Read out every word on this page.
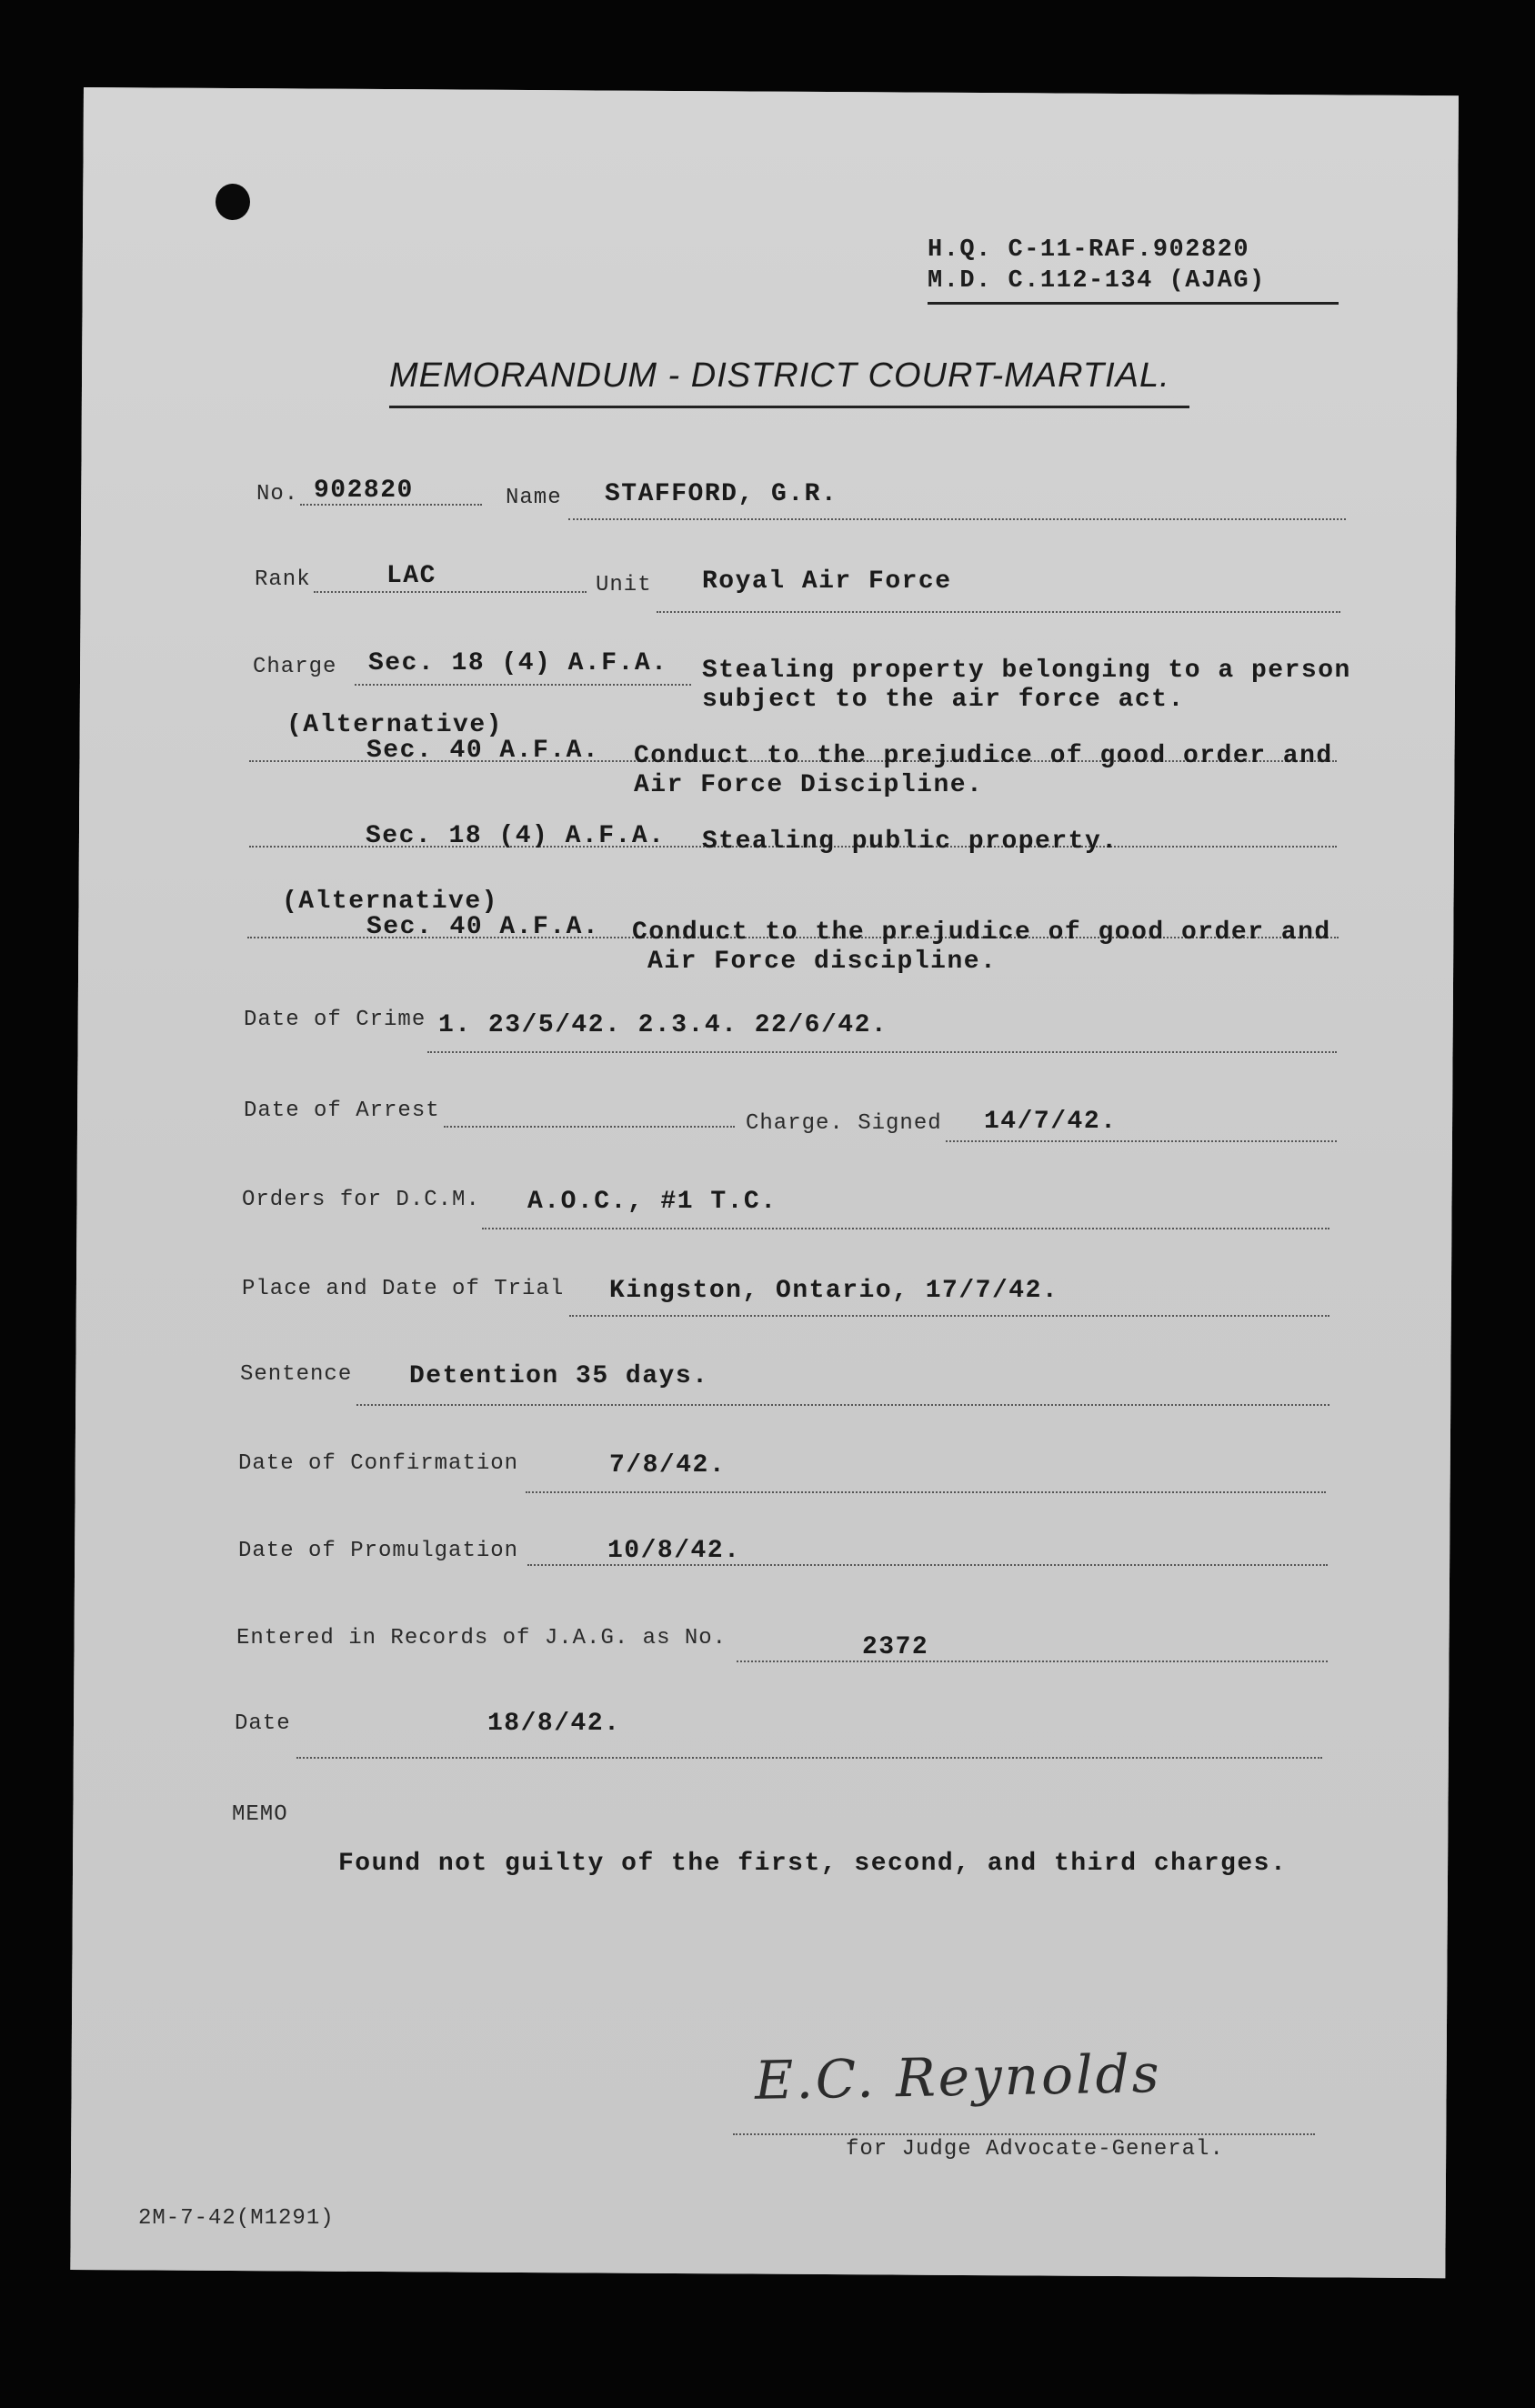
H.Q. C-11-RAF.902820
M.D. C.112-134 (AJAG)
MEMORANDUM - DISTRICT COURT-MARTIAL.
No. 902820	Name STAFFORD, G.R.
Rank	LAC	Unit Royal Air Force
Charge Sec. 18 (4) A.F.A. Stealing property belonging to a person
subject to the air force act.
(Alternative)
Sec. 40 A.F.A. Conduct to the prejudice of good order and
Air Force Discipline.
Sec. 18 (4) A.F.A. Stealing public property.
(Alternative)
Sec. 40 A.F.A. Conduct to the prejudice of good order and
Air Force discipline.
Date of Crime 1. 23/5/42. 2.3.4. 22/6/42.
Date of Arrest
Charge. Signed 14/7/42.
Orders for D.C.M. A.O.C., #1 T.C.
Place and Date of Trial Kingston, Ontario, 17/7/42.
Sentence Detention 35 days.
Date of Confirmation	7/8/42.
Date of Promulgation	10/8/42.
Entered in Records of J.A.G. as No.	2372
Date	18/8/42.
MEMO
Found not guilty of the first, second, and third charges.
E.C. Reynolds
for Judge Advocate-General.
2M-7-42(M1291)
